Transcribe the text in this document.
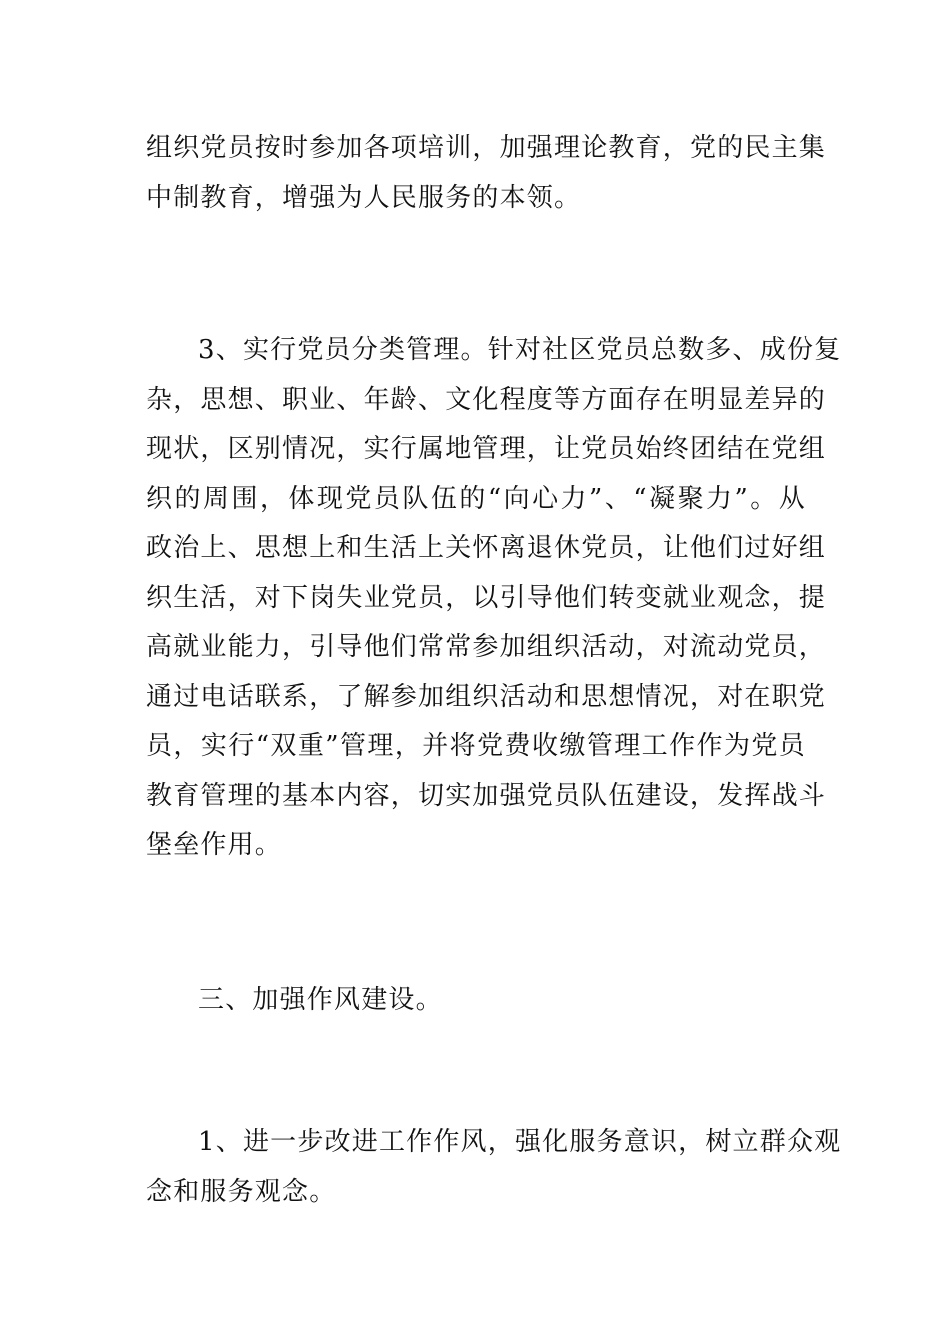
组织党员按时参加各项培训，加强理论教育，党的民主集
中制教育，增强为人民服务的本领。
3、实行党员分类管理。针对社区党员总数多、成份复
杂，思想、职业、年龄、文化程度等方面存在明显差异的
现状，区别情况，实行属地管理，让党员始终团结在党组
织的周围，体现党员队伍的“向心力”、“凝聚力”。从
政治上、思想上和生活上关怀离退休党员，让他们过好组
织生活，对下岗失业党员，以引导他们转变就业观念，提
高就业能力，引导他们常常参加组织活动，对流动党员，
通过电话联系，了解参加组织活动和思想情况，对在职党
员，实行“双重”管理，并将党费收缴管理工作作为党员
教育管理的基本内容，切实加强党员队伍建设，发挥战斗
堡垒作用。
三、加强作风建设。
1、进一步改进工作作风，强化服务意识，树立群众观
念和服务观念。
